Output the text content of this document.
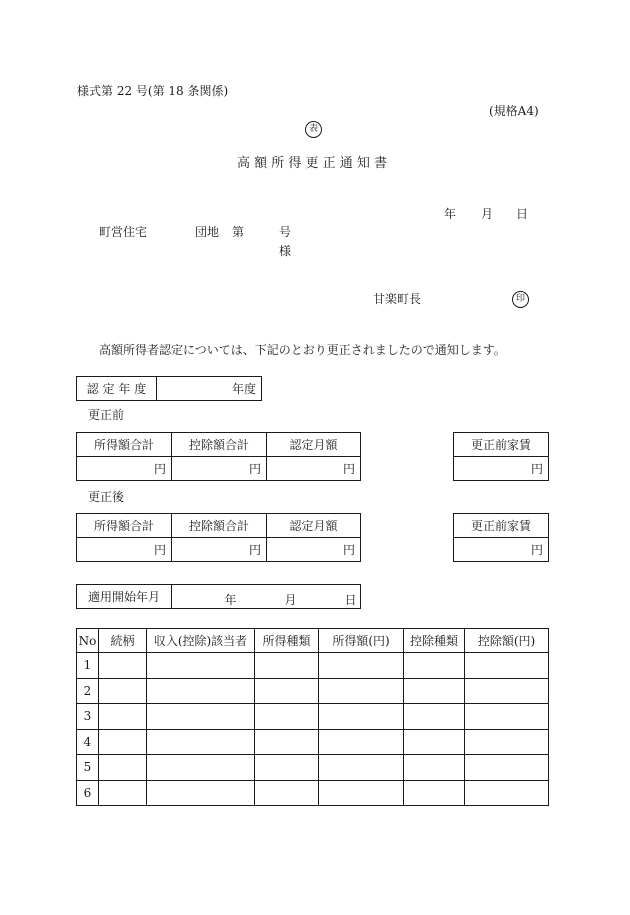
様式第 22 号(第 18 条関係)
(規格A4)
表
高 額 所 得 更 正 通 知 書
年 月 日
町営住宅	団地 第	号
様
甘楽町長	印
高額所得者認定については、下記のとおり更正されましたので通知します。
認 定 年 度	年度
更正前
所得額合計	控除額合計	認定月額
円	円	円
更正前家賃
円
更正後
所得額合計	控除額合計	認定月額
円	円	円
更正前家賃
円
適用開始年月	年	月	日
No	続柄	収入(控除)該当者	所得種類	所得額(円)	控除種類	控除額(円)
1						
2						
3						
4						
5						
6						
